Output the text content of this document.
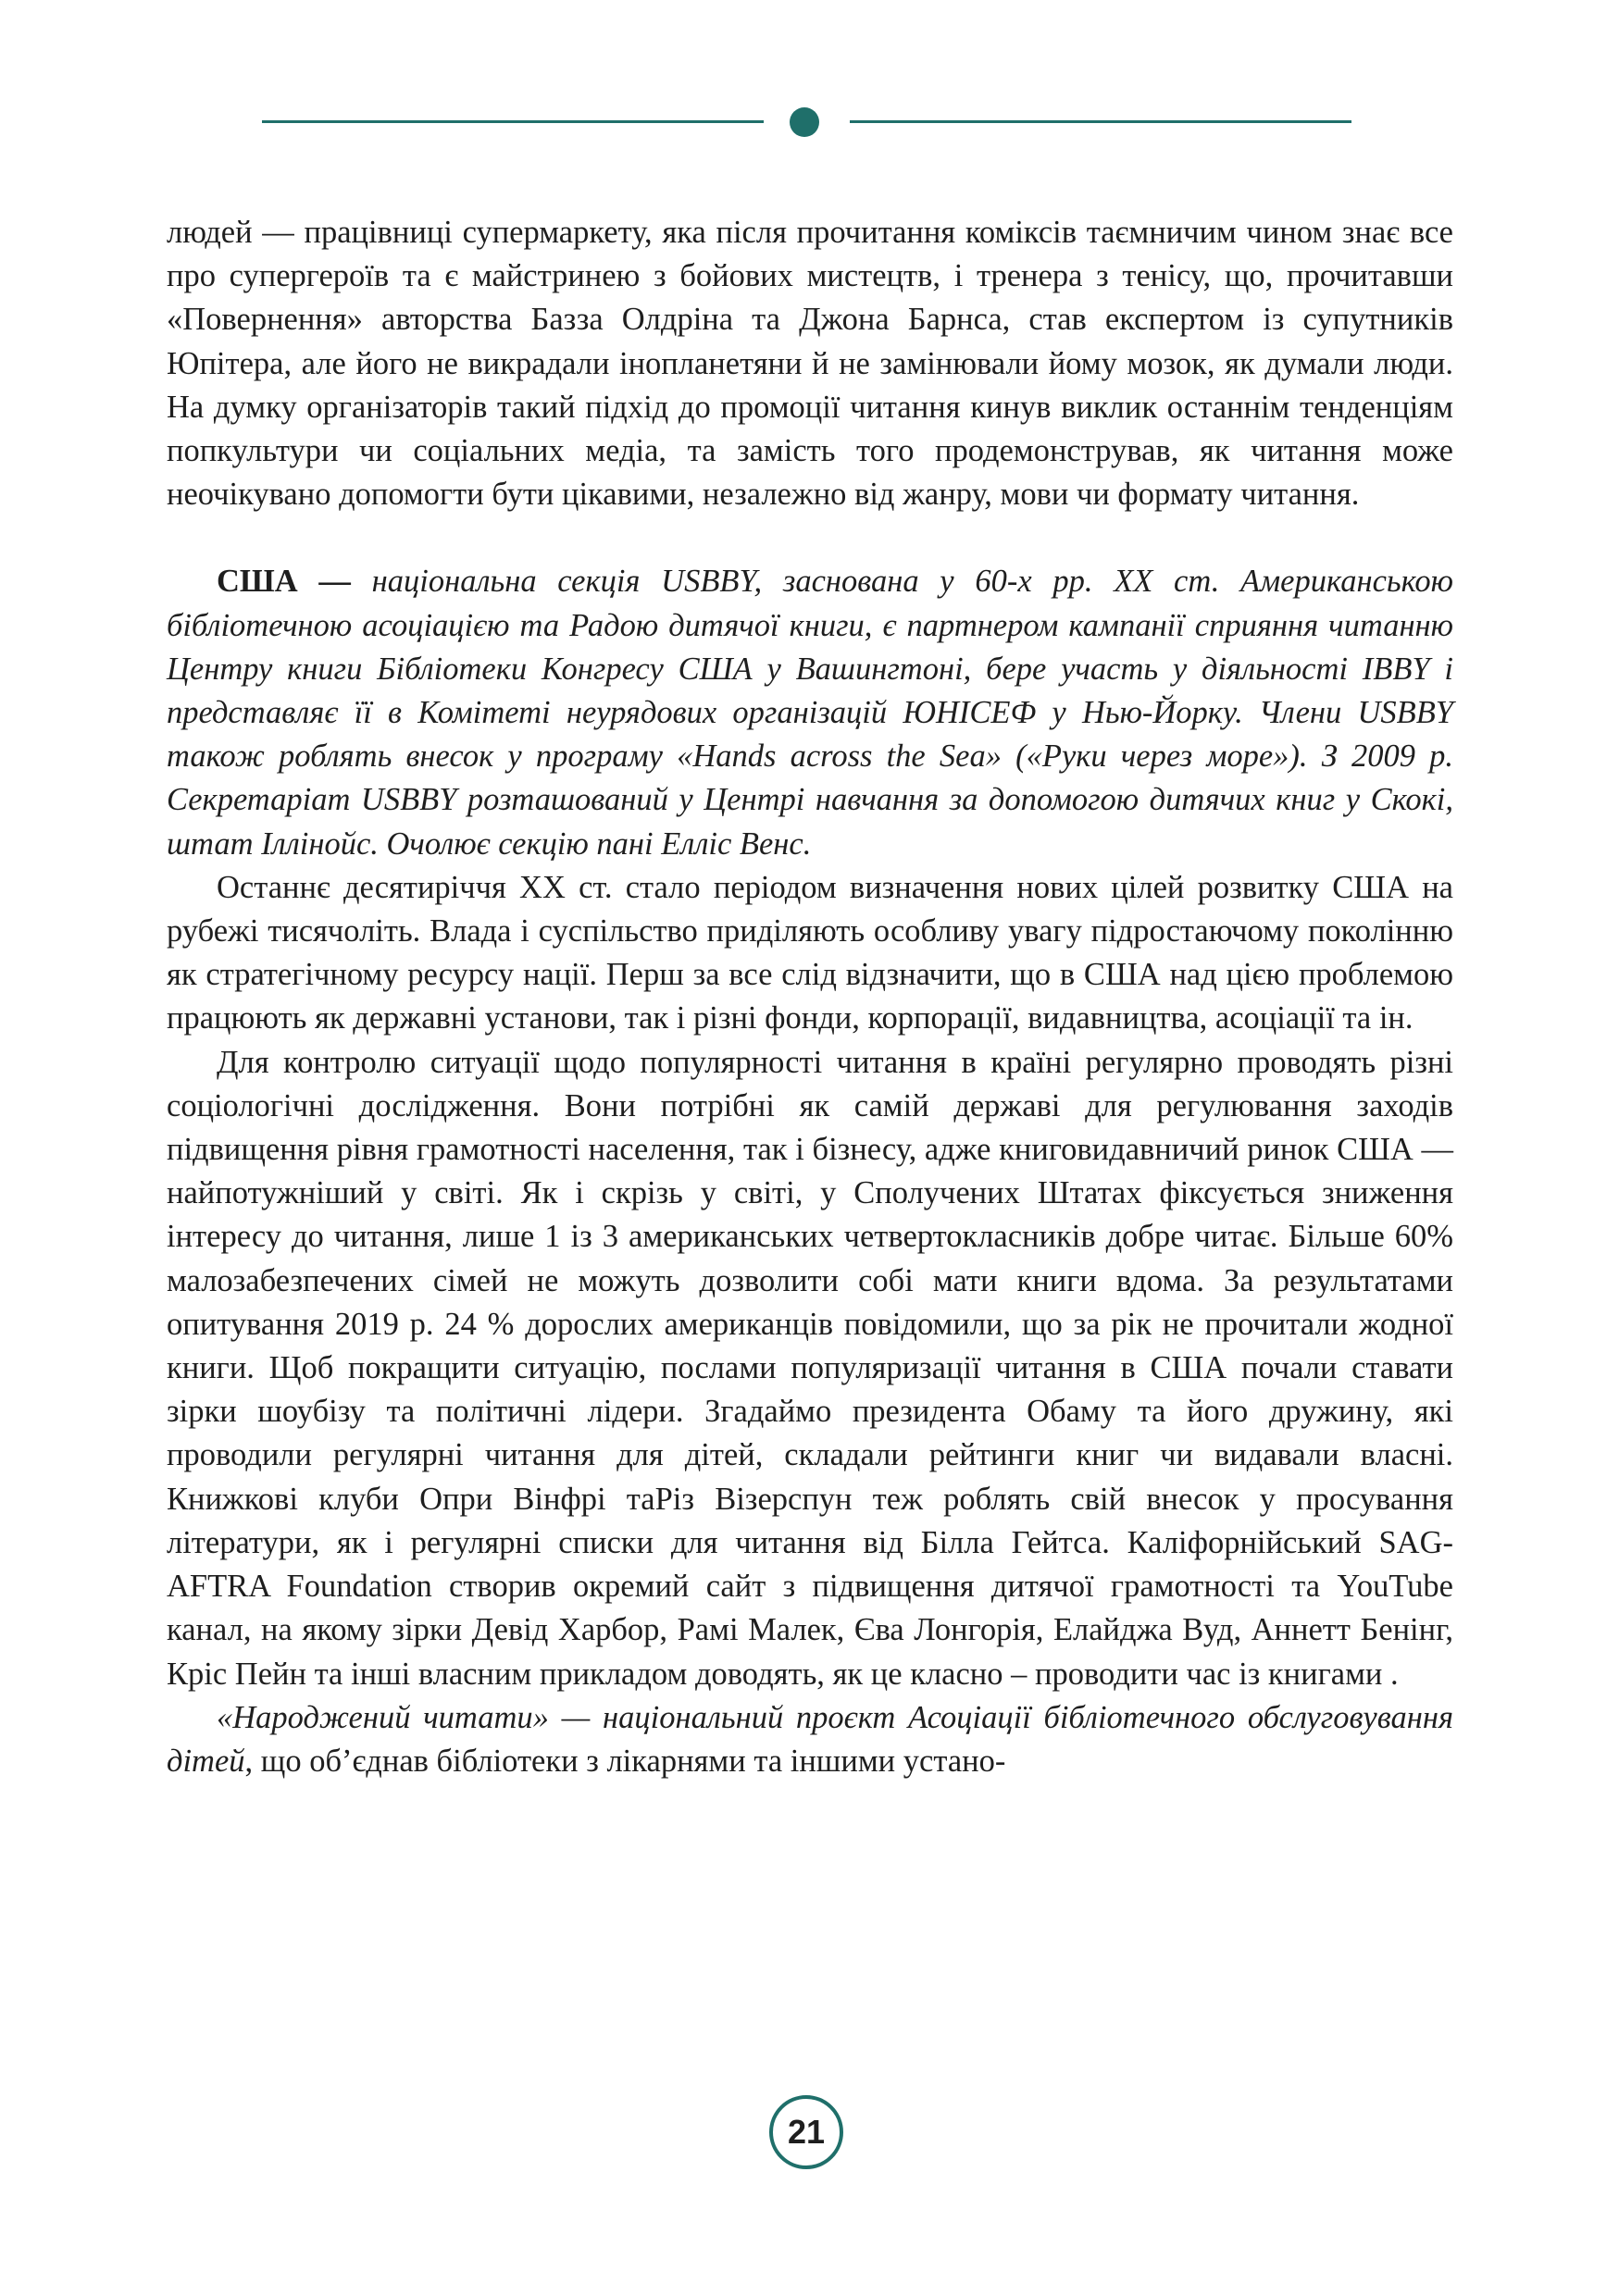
людей — працівниці супермаркету, яка після прочитання коміксів таємничим чином знає все про супергероїв та є майстринею з бойових мистецтв, і тренера з тенісу, що, прочитавши «Повернення» авторства Базза Олдріна та Джона Барнса, став експертом із супутників Юпітера, але його не викрадали інопланетяни й не замінювали йому мозок, як думали люди. На думку організаторів такий підхід до промоції читання кинув виклик останнім тенденціям попкультури чи соціальних медіа, та замість того продемонстрував, як читання може неочікувано допомогти бути цікавими, незалежно від жанру, мови чи формату читання.

США — національна секція USBBY, заснована у 60-х рр. XX ст. Американською бібліотечною асоціацією та Радою дитячої книги, є партнером кампанії сприяння читанню Центру книги Бібліотеки Конгресу США у Вашингтоні, бере участь у діяльності IBBY і представляє її в Комітеті неурядових організацій ЮНІСЕФ у Нью-Йорку. Члени USBBY також роблять внесок у програму «Hands across the Sea» («Руки через море»). З 2009 р. Секретаріат USBBY розташований у Центрі навчання за допомогою дитячих книг у Скокі, штат Іллінойс. Очолює секцію пані Елліс Венс.

Останнє десятиріччя XX ст. стало періодом визначення нових цілей розвитку США на рубежі тисячоліть. Влада і суспільство приділяють особливу увагу підростаючому поколінню як стратегічному ресурсу нації. Перш за все слід відзначити, що в США над цією проблемою працюють як державні установи, так і різні фонди, корпорації, видавництва, асоціації та ін.

Для контролю ситуації щодо популярності читання в країні регулярно проводять різні соціологічні дослідження. Вони потрібні як самій державі для регулювання заходів підвищення рівня грамотності населення, так і бізнесу, адже книговидавничий ринок США — найпотужніший у світі. Як і скрізь у світі, у Сполучених Штатах фіксується зниження інтересу до читання, лише 1 із 3 американських четвертокласників добре читає. Більше 60% малозабезпечених сімей не можуть дозволити собі мати книги вдома. За результатами опитування 2019 р. 24 % дорослих американців повідомили, що за рік не прочитали жодної книги. Щоб покращити ситуацію, послами популяризації читання в США почали ставати зірки шоубізу та політичні лідери. Згадаймо президента Обаму та його дружину, які проводили регулярні читання для дітей, складали рейтинги книг чи видавали власні. Книжкові клуби Опри Вінфрі таРіз Візерспун теж роблять свій внесок у просування літератури, як і регулярні списки для читання від Білла Гейтса. Каліфорнійський SAG-AFTRA Foundation створив окремий сайт з підвищення дитячої грамотності та YouTube канал, на якому зірки Девід Харбор, Рамі Малек, Єва Лонгорія, Елайджа Вуд, Аннетт Бенінг, Кріс Пейн та інші власним прикладом доводять, як це класно – проводити час із книгами .

«Народжений читати» — національний проєкт Асоціації бібліотечного обслуговування дітей, що об’єднав бібліотеки з лікарнями та іншими устано-

21
